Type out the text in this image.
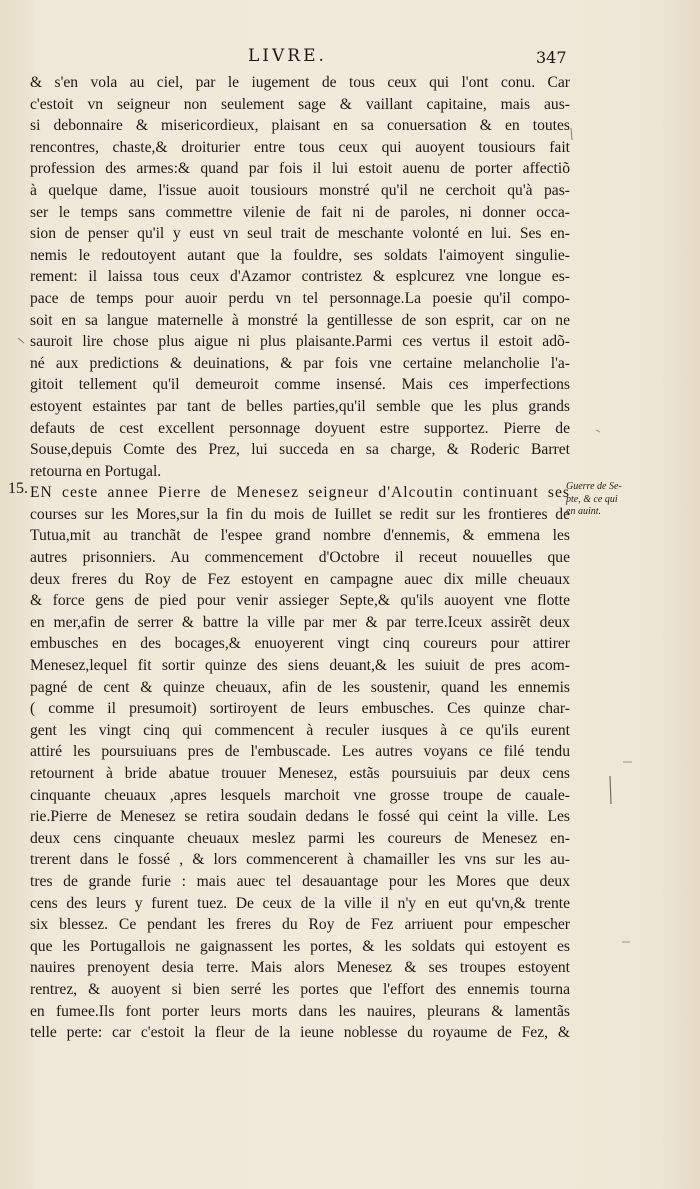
LIVRE.	347
15.	Guerre de Se-
pte, & ce qui
en auint.
& s'en vola au ciel, par le iugement de tous ceux qui l'ont conu. Car
c'estoit vn seigneur non seulement sage & vaillant capitaine, mais aus-
si debonnaire & misericordieux, plaisant en sa conuersation & en toutes
rencontres, chaste,& droiturier entre tous ceux qui auoyent tousiours fait
profession des armes:& quand par fois il lui estoit auenu de porter affectiõ
à quelque dame, l'issue auoit tousiours monstré qu'il ne cerchoit qu'à pas-
ser le temps sans commettre vilenie de fait ni de paroles, ni donner occa-
sion de penser qu'il y eust vn seul trait de meschante volonté en lui. Ses en-
nemis le redoutoyent autant que la fouldre, ses soldats l'aimoyent singulie-
rement: il laissa tous ceux d'Azamor contristez & esplcurez vne longue es-
pace de temps pour auoir perdu vn tel personnage.La poesie qu'il compo-
soit en sa langue maternelle à monstré la gentillesse de son esprit, car on ne
sauroit lire chose plus aigue ni plus plaisante.Parmi ces vertus il estoit adõ-
né aux predictions & deuinations, & par fois vne certaine melancholie l'a-
gitoit tellement qu'il demeuroit comme insensé. Mais ces imperfections
estoyent estaintes par tant de belles parties,qu'il semble que les plus grands
defauts de cest excellent personnage doyuent estre supportez. Pierre de
Souse,depuis Comte des Prez, lui succeda en sa charge, & Roderic Barret
retourna en Portugal.
EN ceste annee Pierre de Menesez seigneur d'Alcoutin continuant ses
courses sur les Mores,sur la fin du mois de Iuillet se redit sur les frontieres de
Tutua,mit au tranchãt de l'espee grand nombre d'ennemis, & emmena les
autres prisonniers. Au commencement d'Octobre il receut nouuelles que
deux freres du Roy de Fez estoyent en campagne auec dix mille cheuaux
& force gens de pied pour venir assieger Septe,& qu'ils auoyent vne flotte
en mer,afin de serrer & battre la ville par mer & par terre.Iceux assirẽt deux
embusches en des bocages,& enuoyerent vingt cinq coureurs pour attirer
Menesez,lequel fit sortir quinze des siens deuant,& les suiuit de pres acom-
pagné de cent & quinze cheuaux, afin de les soustenir, quand les ennemis
( comme il presumoit) sortiroyent de leurs embusches. Ces quinze char-
gent les vingt cinq qui commencent à reculer iusques à ce qu'ils eurent
attiré les poursuiuans pres de l'embuscade. Les autres voyans ce filé tendu
retournent à bride abatue trouuer Menesez, estãs poursuiuis par deux cens
cinquante cheuaux ,apres lesquels marchoit vne grosse troupe de cauale-
rie.Pierre de Menesez se retira soudain dedans le fossé qui ceint la ville. Les
deux cens cinquante cheuaux meslez parmi les coureurs de Menesez en-
trerent dans le fossé , & lors commencerent à chamailler les vns sur les au-
tres de grande furie : mais auec tel desauantage pour les Mores que deux
cens des leurs y furent tuez. De ceux de la ville il n'y en eut qu'vn,& trente
six blessez. Ce pendant les freres du Roy de Fez arriuent pour empescher
que les Portugallois ne gaignassent les portes, & les soldats qui estoyent es
nauires prenoyent desia terre. Mais alors Menesez & ses troupes estoyent
rentrez, & auoyent si bien serré les portes que l'effort des ennemis tourna
en fumee.Ils font porter leurs morts dans les nauires, pleurans & lamentãs
telle perte: car c'estoit la fleur de la ieune noblesse du royaume de Fez, &
